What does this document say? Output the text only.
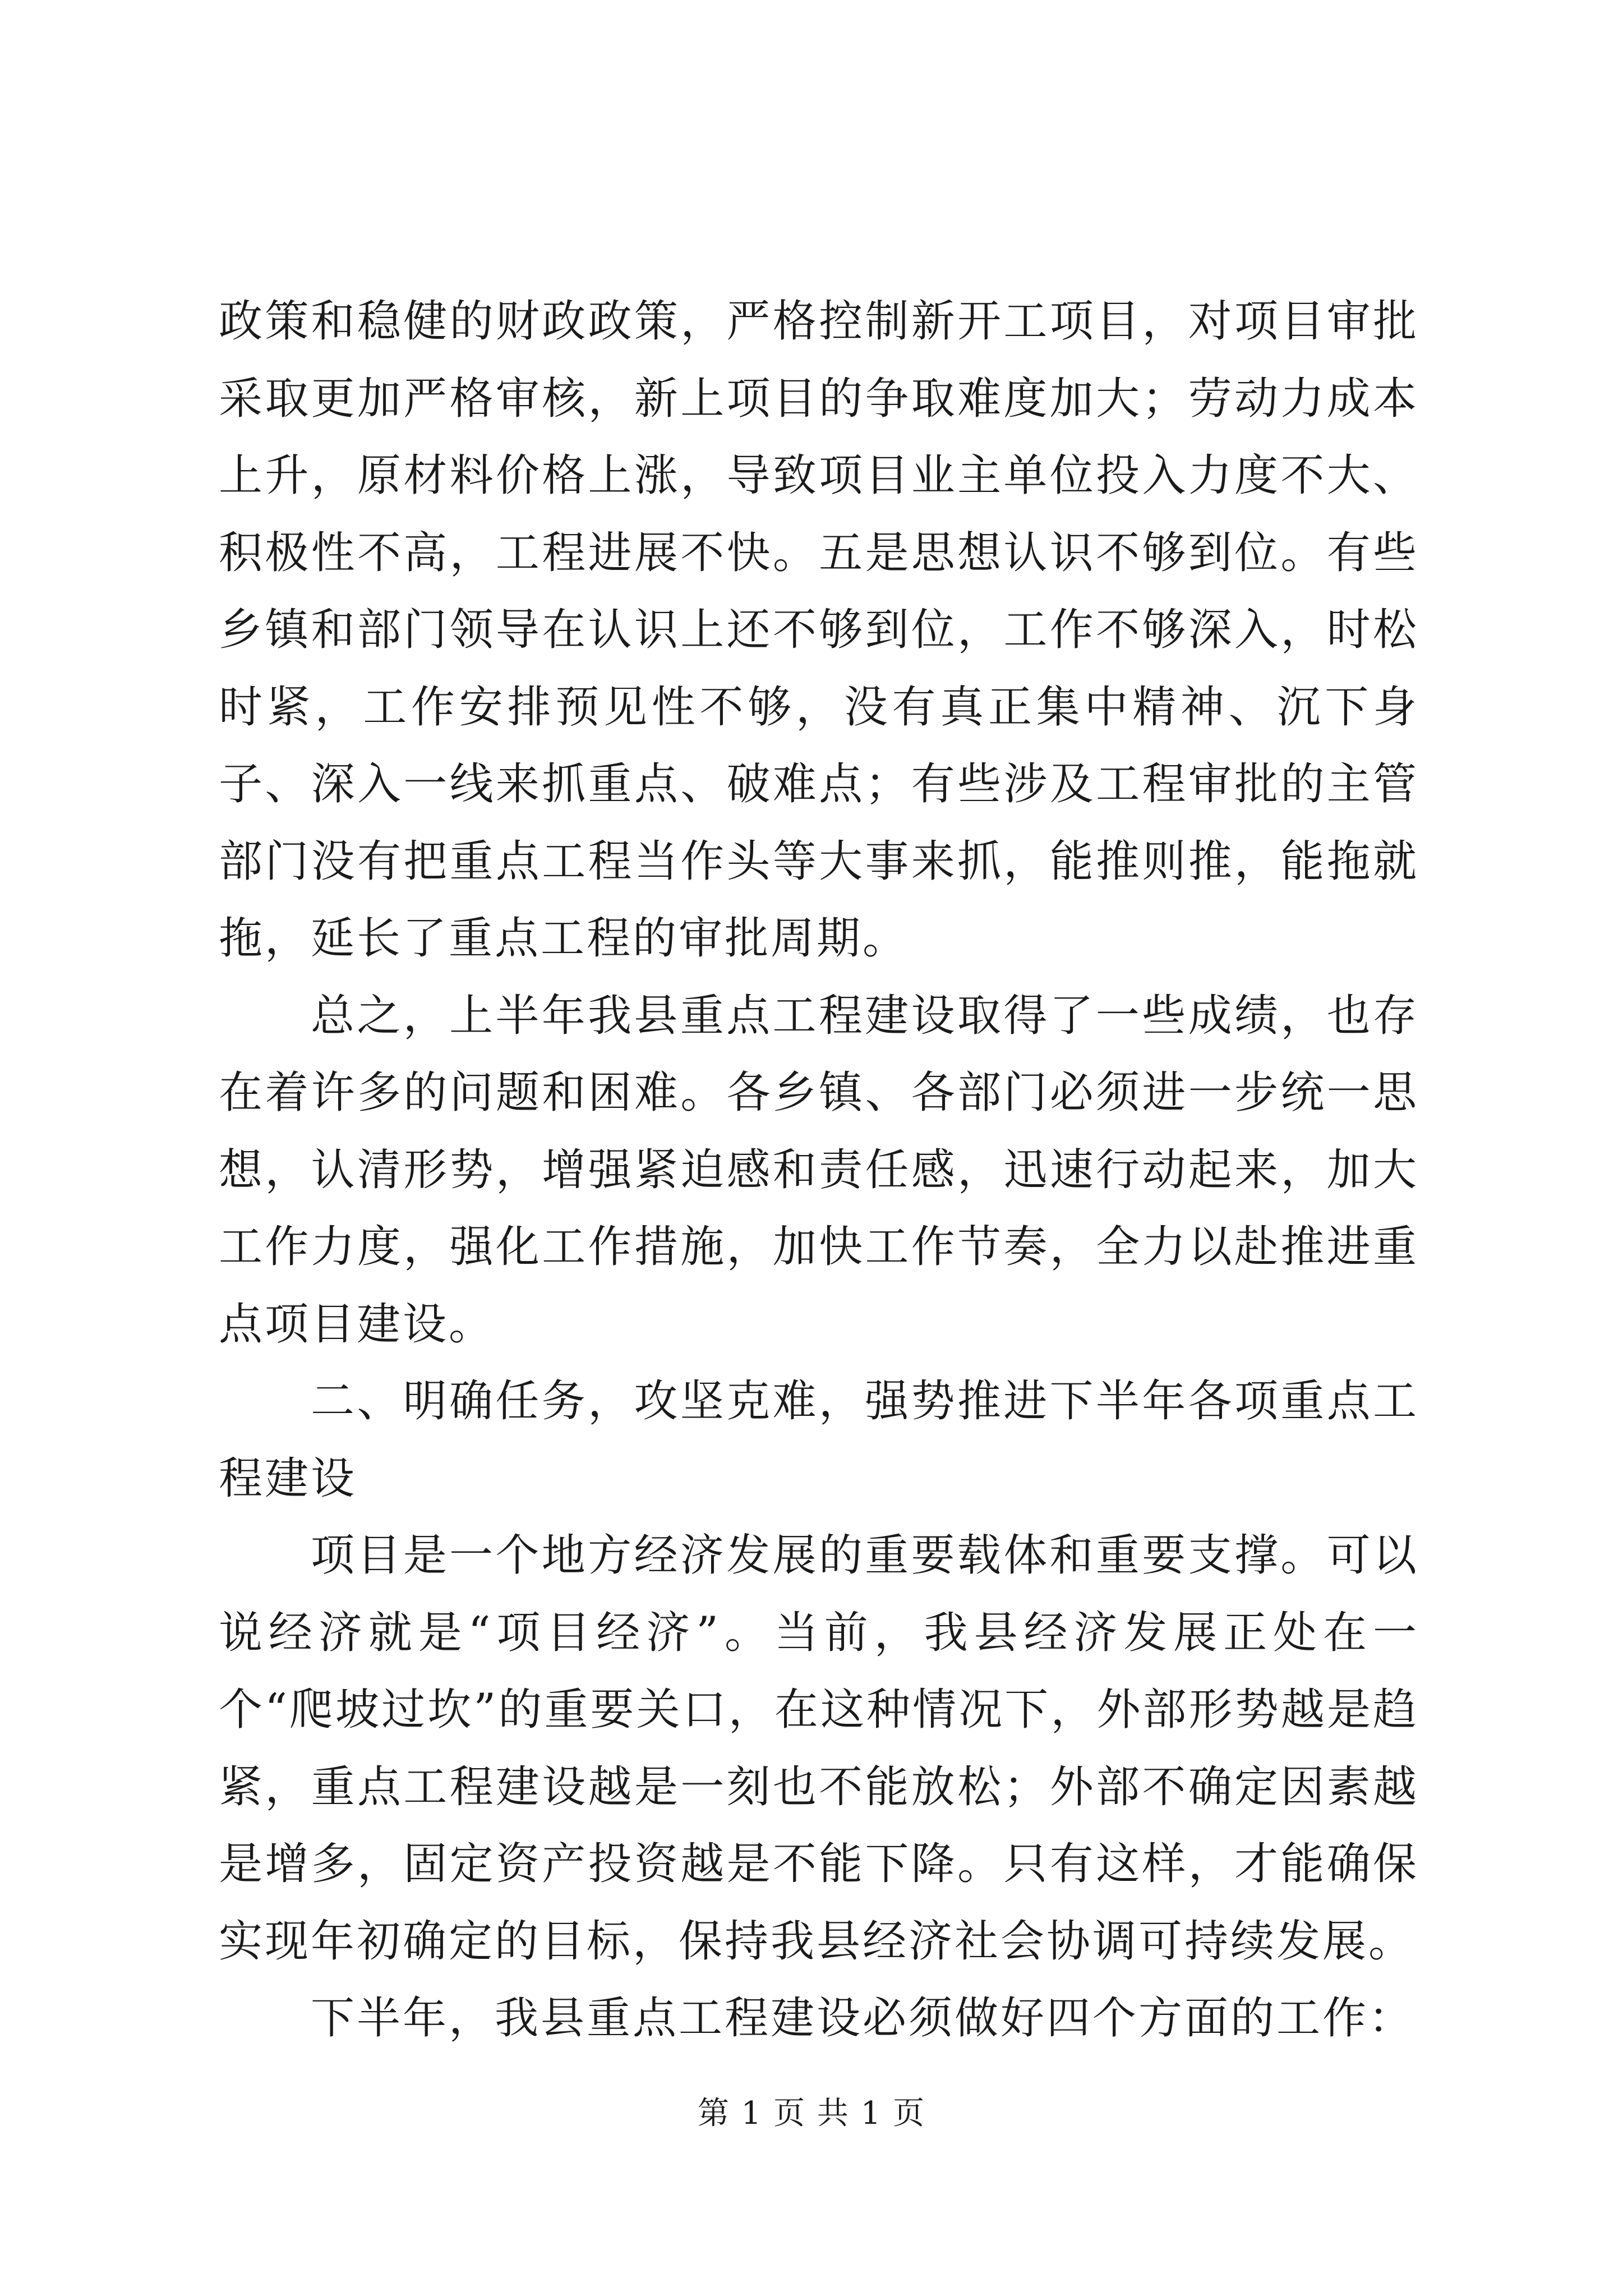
政策和稳健的财政政策，严格控制新开工项目，对项目审批采取更加严格审核，新上项目的争取难度加大；劳动力成本上升，原材料价格上涨，导致项目业主单位投入力度不大、积极性不高，工程进展不快。五是思想认识不够到位。有些乡镇和部门领导在认识上还不够到位，工作不够深入，时松时紧，工作安排预见性不够，没有真正集中精神、沉下身子、深入一线来抓重点、破难点；有些涉及工程审批的主管部门没有把重点工程当作头等大事来抓，能推则推，能拖就拖，延长了重点工程的审批周期。

总之，上半年我县重点工程建设取得了一些成绩，也存在着许多的问题和困难。各乡镇、各部门必须进一步统一思想，认清形势，增强紧迫感和责任感，迅速行动起来，加大工作力度，强化工作措施，加快工作节奏，全力以赴推进重点项目建设。

二、明确任务，攻坚克难，强势推进下半年各项重点工程建设

项目是一个地方经济发展的重要载体和重要支撑。可以说经济就是“项目经济”。当前，我县经济发展正处在一个“爬坡过坎”的重要关口，在这种情况下，外部形势越是趋紧，重点工程建设越是一刻也不能放松；外部不确定因素越是增多，固定资产投资越是不能下降。只有这样，才能确保实现年初确定的目标，保持我县经济社会协调可持续发展。

下半年，我县重点工程建设必须做好四个方面的工作：

第 1 页 共 1 页
